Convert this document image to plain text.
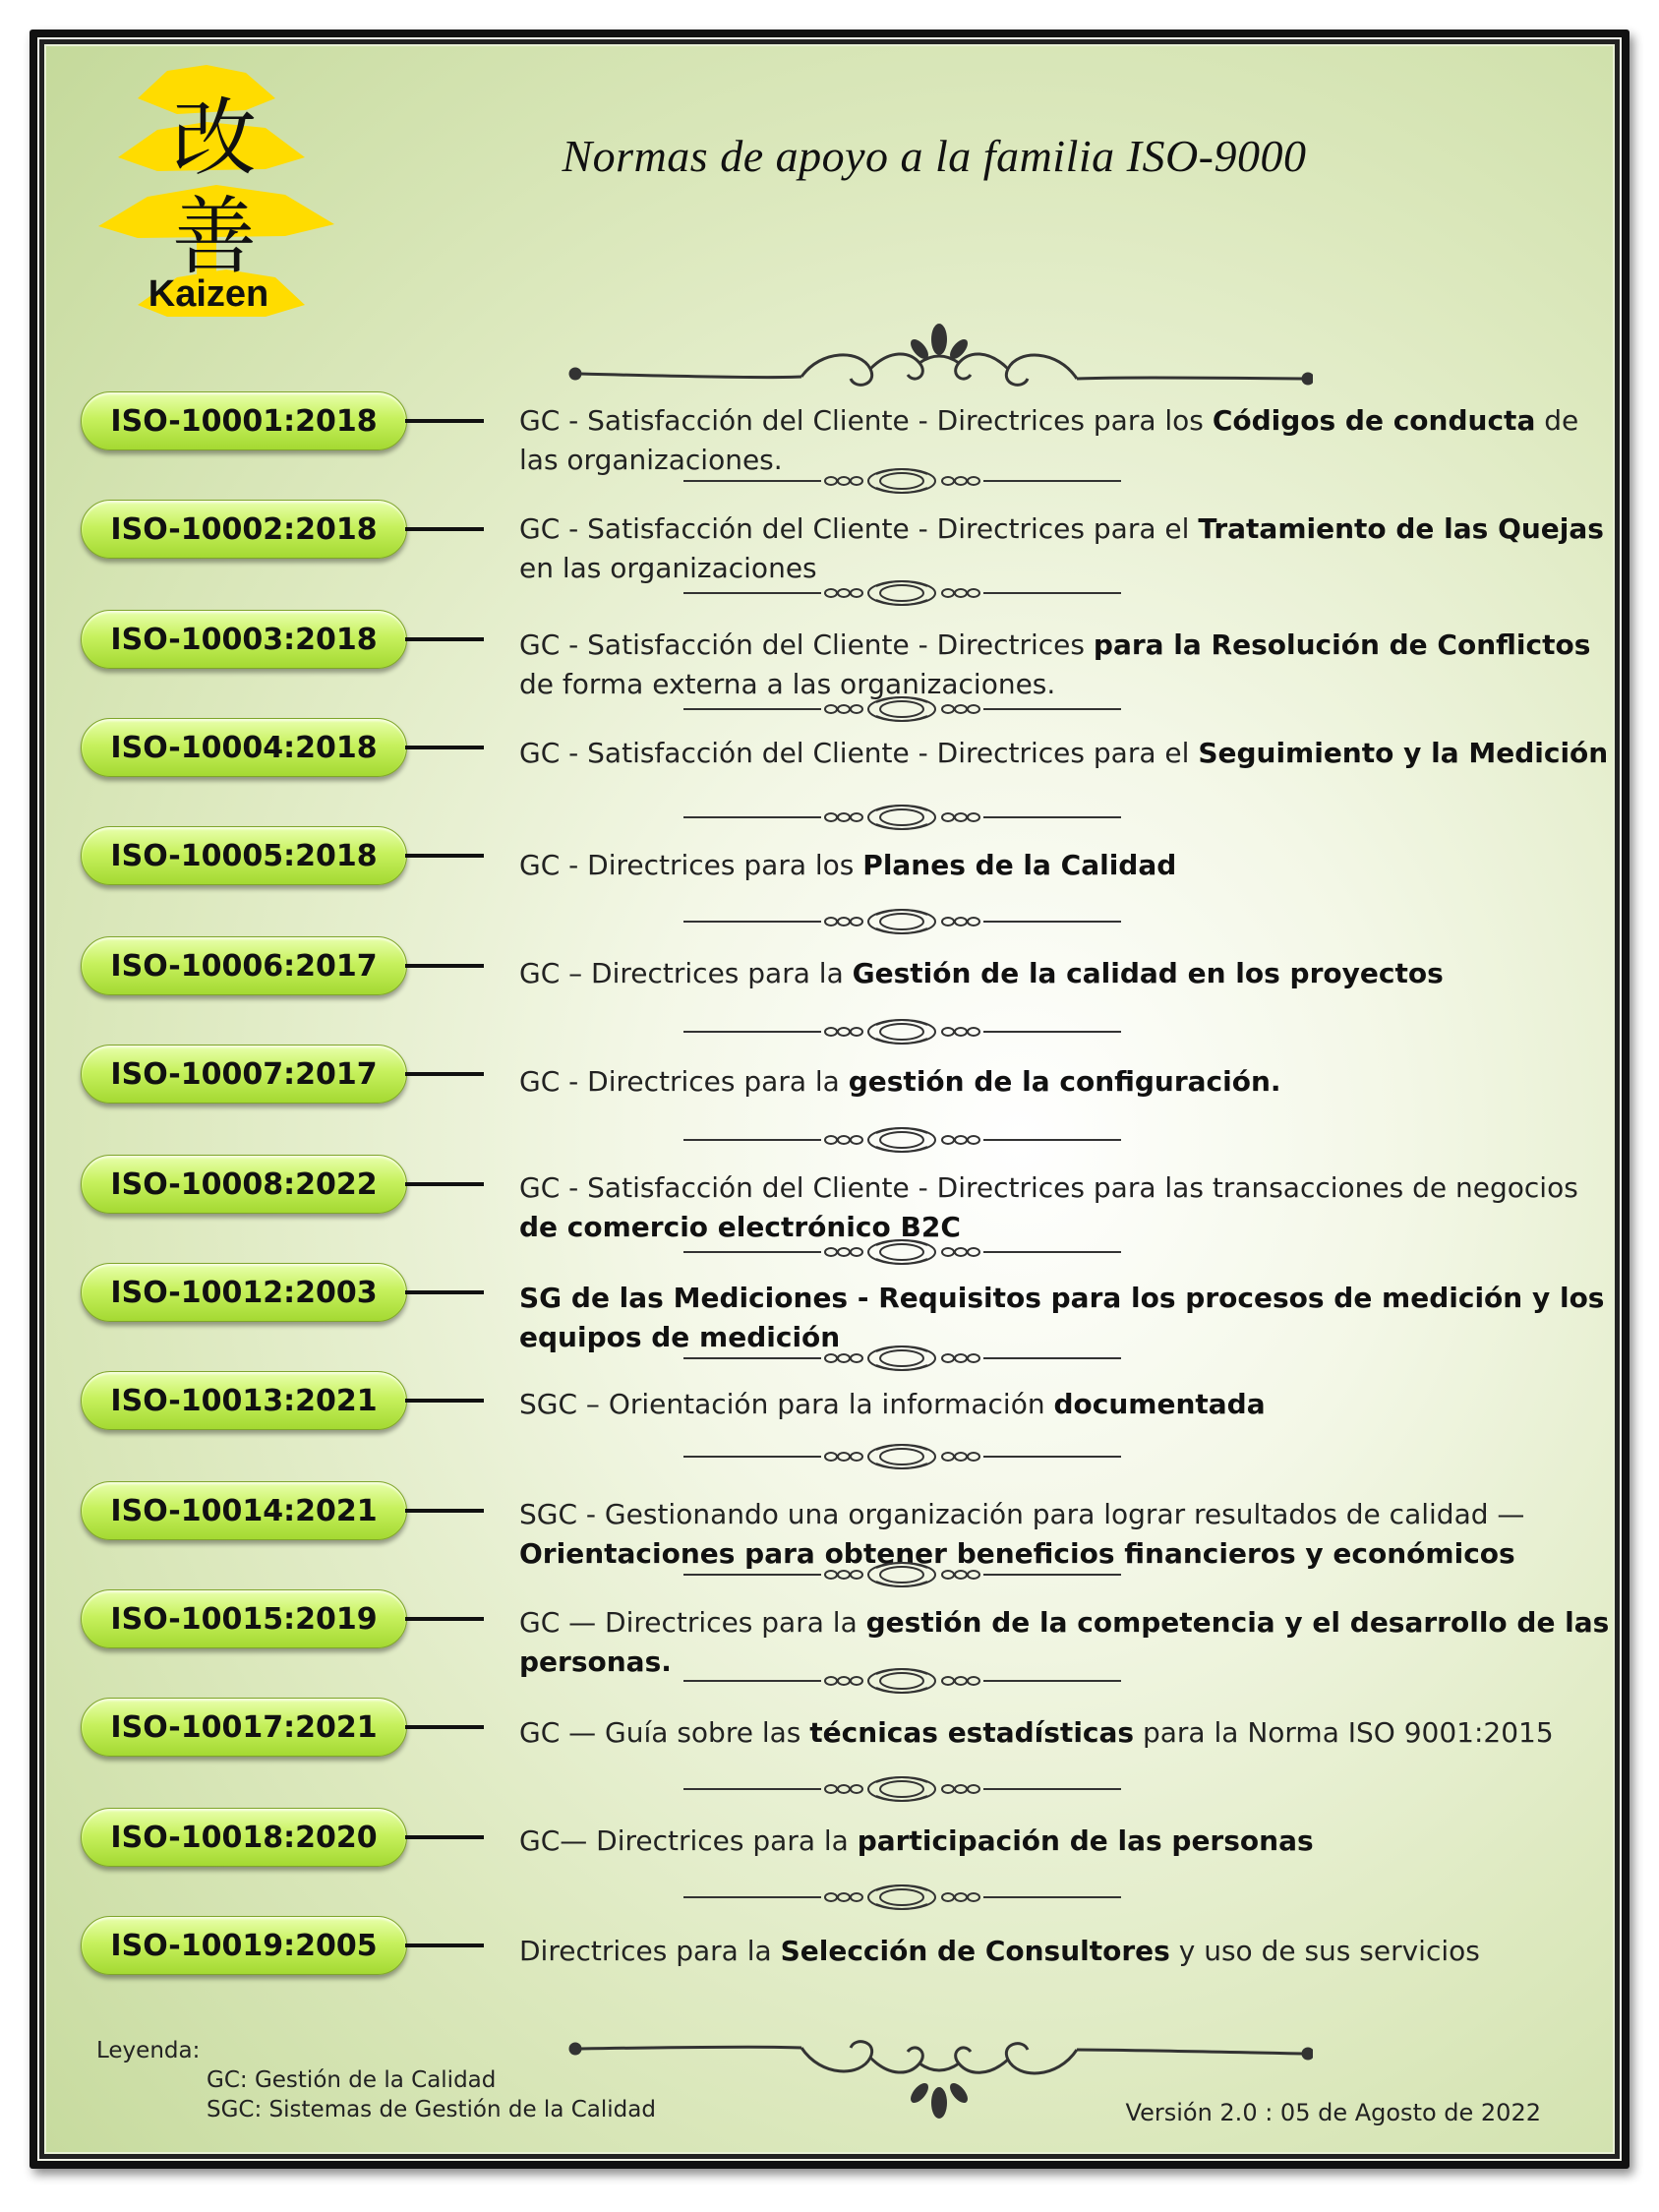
改
善
Kaizen
Normas de apoyo a la familia ISO-9000
ISO-10001:2018	GC - Satisfacción del Cliente - Directrices para los Códigos de conducta de las organizaciones.
ISO-10002:2018	GC - Satisfacción del Cliente - Directrices para el Tratamiento de las Quejas en las organizaciones
ISO-10003:2018	GC - Satisfacción del Cliente - Directrices para la Resolución de Conflictos de forma externa a las organizaciones.
ISO-10004:2018	GC - Satisfacción del Cliente - Directrices para el Seguimiento y la Medición
ISO-10005:2018	GC - Directrices para los Planes de la Calidad
ISO-10006:2017	GC – Directrices para la Gestión de la calidad en los proyectos
ISO-10007:2017	GC - Directrices para la gestión de la configuración.
ISO-10008:2022	GC - Satisfacción del Cliente - Directrices para las transacciones de negocios de comercio electrónico B2C
ISO-10012:2003	SG de las Mediciones - Requisitos para los procesos de medición y los equipos de medición
ISO-10013:2021	SGC – Orientación para la información documentada
ISO-10014:2021	SGC - Gestionando una organización para lograr resultados de calidad — Orientaciones para obtener beneficios financieros y económicos
ISO-10015:2019	GC — Directrices para la gestión de la competencia y el desarrollo de las personas.
ISO-10017:2021	GC — Guía sobre las técnicas estadísticas para la Norma ISO 9001:2015
ISO-10018:2020	GC— Directrices para la participación de las personas
ISO-10019:2005	Directrices para la Selección de Consultores y uso de sus servicios
Leyenda:
GC: Gestión de la Calidad
SGC: Sistemas de Gestión de la Calidad	Versión 2.0 : 05 de Agosto de 2022
